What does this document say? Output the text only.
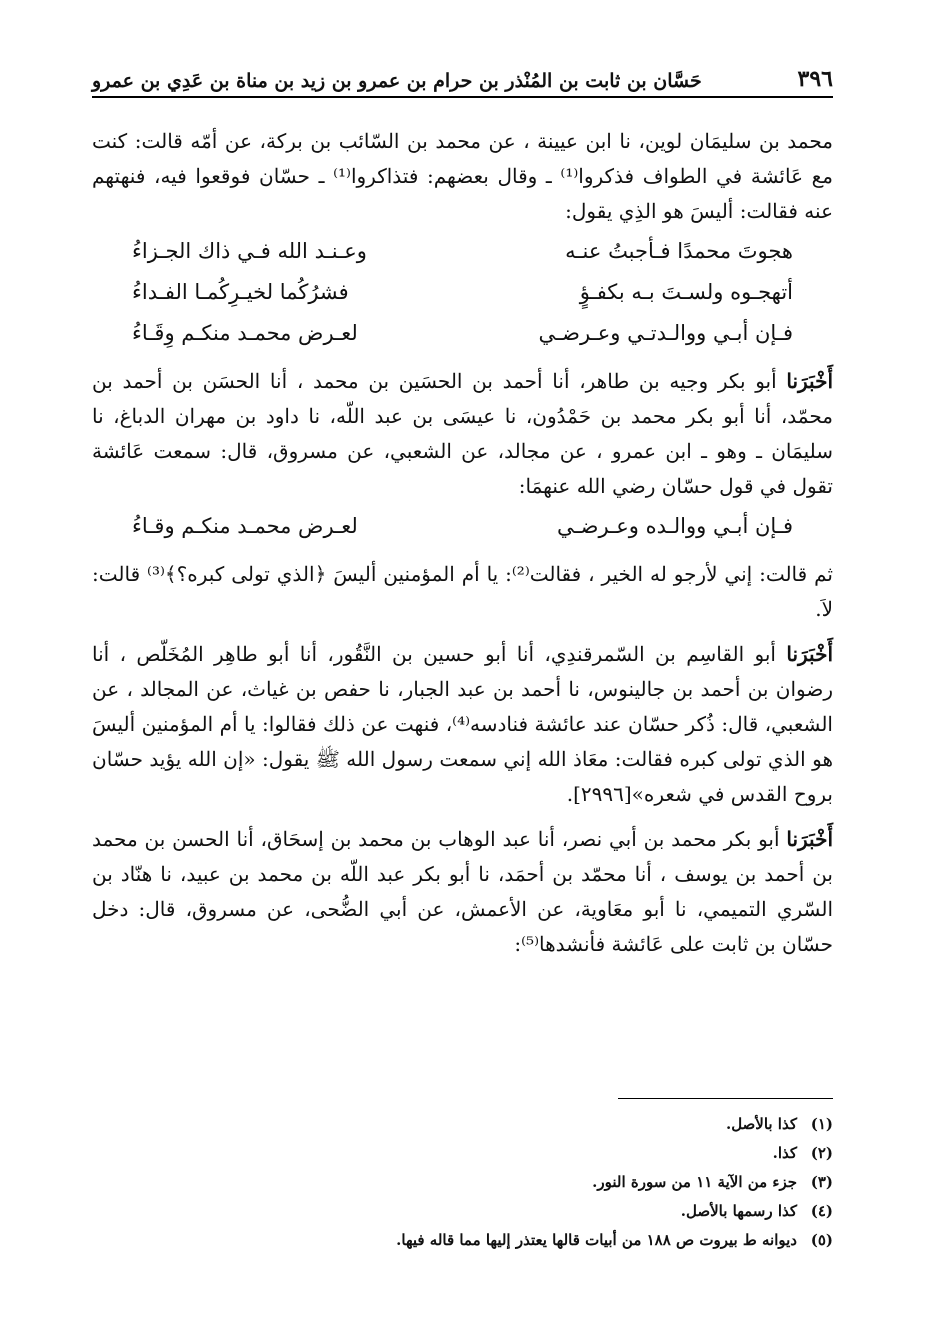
٣٩٦
حَسَّان بن ثابت بن المُنْذر بن حرام بن عمرو بن زيد بن مناة بن عَدِي بن عمرو

محمد بن سليمَان لوين، نا ابن عيينة ، عن محمد بن السّائب بن بركة، عن أمّه قالت: كنت مع عَائشة في الطواف فذكروا⁽¹⁾ ـ وقال بعضهم: فتذاكروا⁽¹⁾ ـ حسّان فوقعوا فيه، فنهتهم عنه فقالت: أليسَ هو الذِي يقول:

هجوتَ محمدًا فـأجبتُ عنـه
وعـنـد الله فـي ذاك الجـزاءُ
أتهجـوه ولسـتَ بـه بكفـؤٍ
فشرُكُما لخيـرِكُمـا الفـداءُ
فـإن أبـي ووالـدتـي وعـرضـي
لعـرض محمـد منكـم وِقَـاءُ

أَخْبَرَنا أبو بكر وجيه بن طاهر، أنا أحمد بن الحسَين بن محمد ، أنا الحسَن بن أحمد بن محمّد، أنا أبو بكر محمد بن حَمْدُون، نا عيسَى بن عبد اللّه، نا داود بن مهران الدباغ، نا سليمَان ـ وهو ـ ابن عمرو ، عن مجالد، عن الشعبي، عن مسروق، قال: سمعت عَائشة تقول في قول حسّان رضي الله عنهمَا:

فـإن أبـي ووالـده وعـرضـي
لعـرض محمـد منكـم وقـاءُ

ثم قالت: إني لأرجو له الخير ، فقالت⁽²⁾: يا أم المؤمنين أليسَ ﴿الذي تولى كبره؟﴾⁽³⁾ قالت: لاَ.

أَخْبَرَنا أبو القاسِم بن السّمرقندِي، أنا أبو حسين بن النَّقُور، أنا أبو طاهِر المُخَلّص ، أنا رضوان بن أحمد بن جالينوس، نا أحمد بن عبد الجبار، نا حفص بن غياث، عن المجالد ، عن الشعبي، قال: ذُكر حسّان عند عائشة فنادسه⁽⁴⁾، فنهت عن ذلك فقالوا: يا أم المؤمنين أليسَ هو الذي تولى كبره فقالت: معَاذ الله إني سمعت رسول الله ﷺ يقول: «إن الله يؤيد حسّان بروح القدس في شعره»[٢٩٩٦].

أَخْبَرَنا أبو بكر محمد بن أبي نصر، أنا عبد الوهاب بن محمد بن إسحَاق، أنا الحسن بن محمد بن أحمد بن يوسف ، أنا محمّد بن أحمَد، نا أبو بكر عبد اللّه بن محمد بن عبيد، نا هنّاد بن السّري التميمي، نا أبو معَاوية، عن الأعمش، عن أبي الضُّحى، عن مسروق، قال: دخل حسّان بن ثابت على عَائشة فأنشدها⁽⁵⁾:

(١)
كذا بالأصل.
(٢)
كذا.
(٣)
جزء من الآية ١١ من سورة النور.
(٤)
كذا رسمها بالأصل.
(٥)
ديوانه ط بيروت ص ١٨٨ من أبيات قالها يعتذر إليها مما قاله فيها.
